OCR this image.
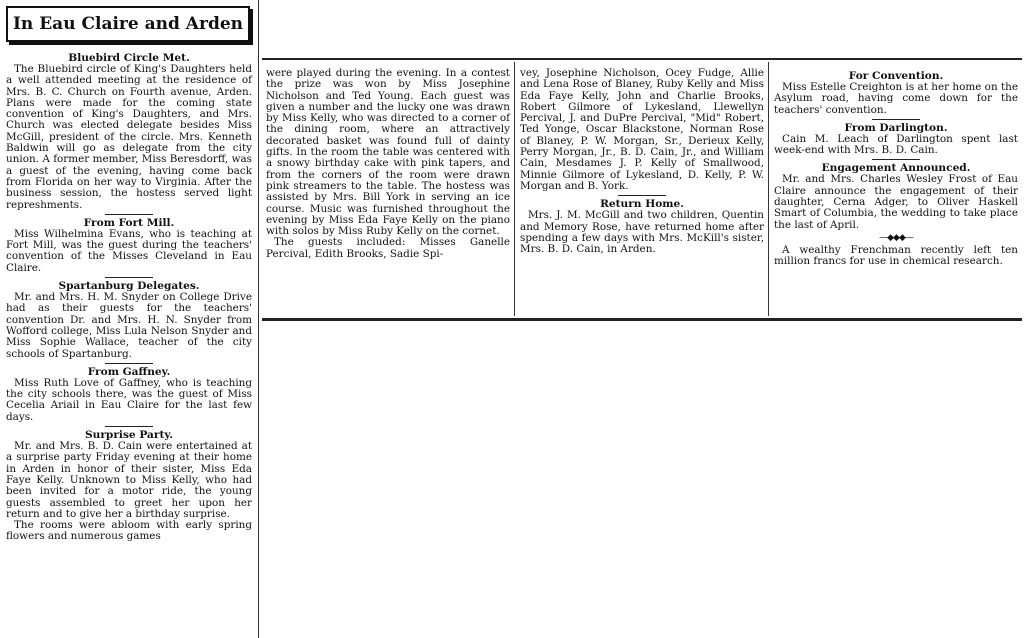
In Eau Claire and Arden
Bluebird Circle Met.

The Bluebird circle of King's Daughters held a well attended meeting at the residence of Mrs. B. C. Church on Fourth avenue, Arden. Plans were made for the coming state convention of King's Daughters, and Mrs. Church was elected delegate besides Miss McGill, president of the circle. Mrs. Kenneth Baldwin will go as delegate from the city union. A former member, Miss Beresdorff, was a guest of the evening, having come back from Florida on her way to Virginia. After the business session, the hostess served light represhments.

From Fort Mill.

Miss Wilhelmina Evans, who is teaching at Fort Mill, was the guest during the teachers' convention of the Misses Cleveland in Eau Claire.

Spartanburg Delegates.

Mr. and Mrs. H. M. Snyder on College Drive had as their guests for the teachers' convention Dr. and Mrs. H. N. Snyder from Wofford college, Miss Lula Nelson Snyder and Miss Sophie Wallace, teacher of the city schools of Spartanburg.

From Gaffney.

Miss Ruth Love of Gaffney, who is teaching the city schools there, was the guest of Miss Cecelia Ariail in Eau Claire for the last few days.

Surprise Party.

Mr. and Mrs. B. D. Cain were entertained at a surprise party Friday evening at their home in Arden in honor of their sister, Miss Eda Faye Kelly. Unknown to Miss Kelly, who had been invited for a motor ride, the young guests assembled to greet her upon her return and to give her a birthday surprise.

The rooms were abloom with early spring flowers and numerous games

were played during the evening. In a contest the prize was won by Miss Josephine Nicholson and Ted Young. Each guest was given a number and the lucky one was drawn by Miss Kelly, who was directed to a corner of the dining room, where an attractively decorated basket was found full of dainty gifts. In the room the table was centered with a snowy birthday cake with pink tapers, and from the corners of the room were drawn pink streamers to the table. The hostess was assisted by Mrs. Bill York in serving an ice course. Music was furnished throughout the evening by Miss Eda Faye Kelly on the piano with solos by Miss Ruby Kelly on the cornet.

The guests included: Misses Ganelle Percival, Edith Brooks, Sadie Spi-

vey, Josephine Nicholson, Ocey Fudge, Allie and Lena Rose of Blaney, Ruby Kelly and Miss Eda Faye Kelly, John and Charlie Brooks, Robert Gilmore of Lykesland, Llewellyn Percival, J. and DuPre Percival, "Mid" Robert, Ted Yonge, Oscar Blackstone, Norman Rose of Blaney, P. W. Morgan, Sr., Derieux Kelly, Perry Morgan, Jr., B. D. Cain, Jr., and William Cain, Mesdames J. P. Kelly of Smallwood, Minnie Gilmore of Lykesland, D. Kelly, P. W. Morgan and B. York.

Return Home.

Mrs. J. M. McGill and two children, Quentin and Memory Rose, have returned home after spending a few days with Mrs. McKill's sister, Mrs. B. D. Cain, in Arden.

For Convention.

Miss Estelle Creighton is at her home on the Asylum road, having come down for the teachers' convention.

From Darlington.

Cain M. Leach of Darlington spent last week-end with Mrs. B. D. Cain.

Engagement Announced.

Mr. and Mrs. Charles Wesley Frost of Eau Claire announce the engagement of their daughter, Cerna Adger, to Oliver Haskell Smart of Columbia, the wedding to take place the last of April.

—◆◆◆—

A wealthy Frenchman recently left ten million francs for use in chemical research.
